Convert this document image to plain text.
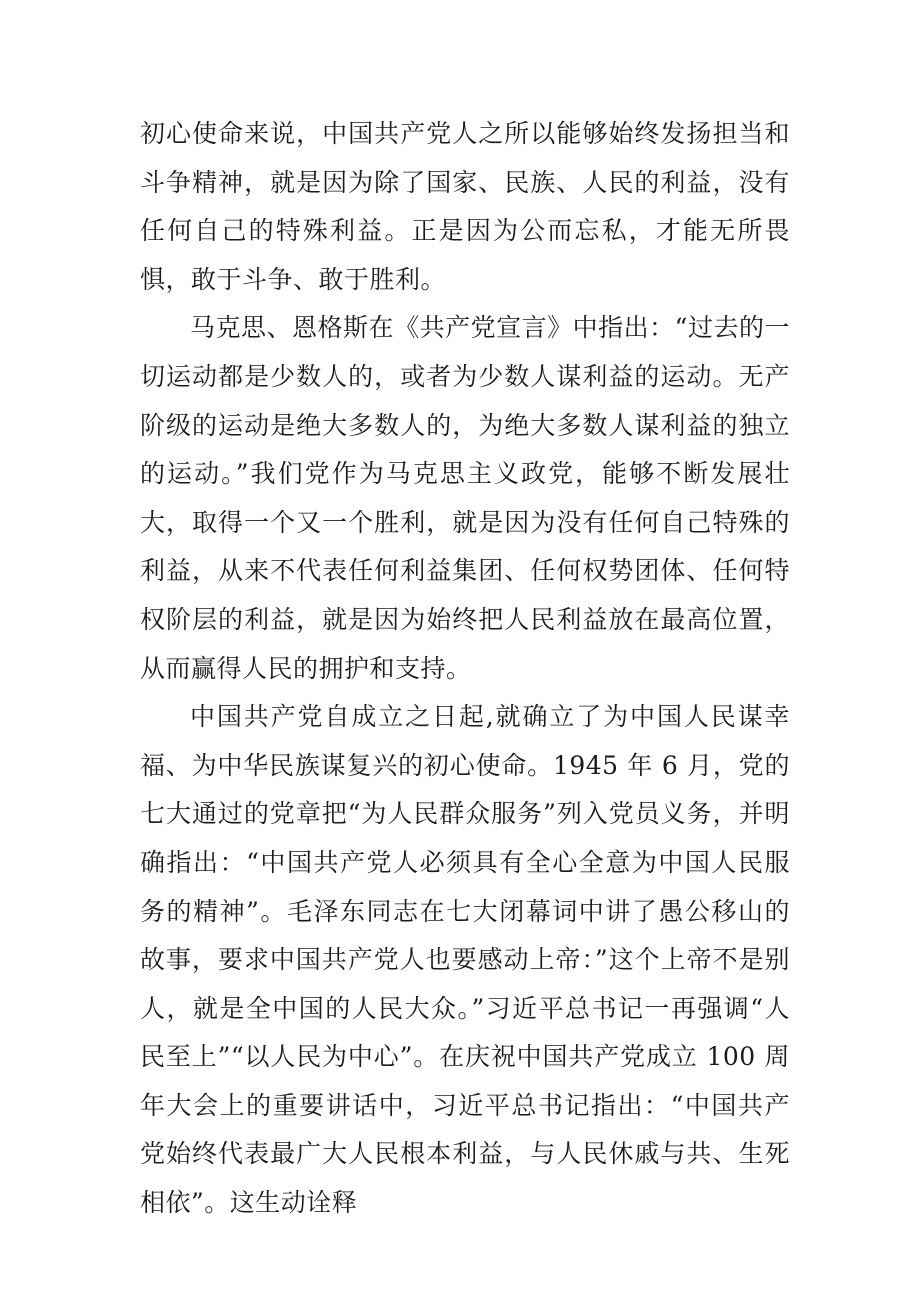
初心使命来说，中国共产党人之所以能够始终发扬担当和斗争精神，就是因为除了国家、民族、人民的利益，没有任何自己的特殊利益。正是因为公而忘私，才能无所畏惧，敢于斗争、敢于胜利。

马克思、恩格斯在《共产党宣言》中指出：“过去的一切运动都是少数人的，或者为少数人谋利益的运动。无产阶级的运动是绝大多数人的，为绝大多数人谋利益的独立的运动。”我们党作为马克思主义政党，能够不断发展壮大，取得一个又一个胜利，就是因为没有任何自己特殊的利益，从来不代表任何利益集团、任何权势团体、任何特权阶层的利益，就是因为始终把人民利益放在最高位置，从而赢得人民的拥护和支持。

中国共产党自成立之日起,就确立了为中国人民谋幸福、为中华民族谋复兴的初心使命。1945 年 6 月，党的七大通过的党章把“为人民群众服务”列入党员义务，并明确指出：“中国共产党人必须具有全心全意为中国人民服务的精神”。毛泽东同志在七大闭幕词中讲了愚公移山的故事，要求中国共产党人也要感动上帝：”这个上帝不是别人，就是全中国的人民大众。”习近平总书记一再强调“人民至上”“以人民为中心”。在庆祝中国共产党成立 100 周年大会上的重要讲话中，习近平总书记指出：“中国共产党始终代表最广大人民根本利益，与人民休戚与共、生死相依”。这生动诠释
